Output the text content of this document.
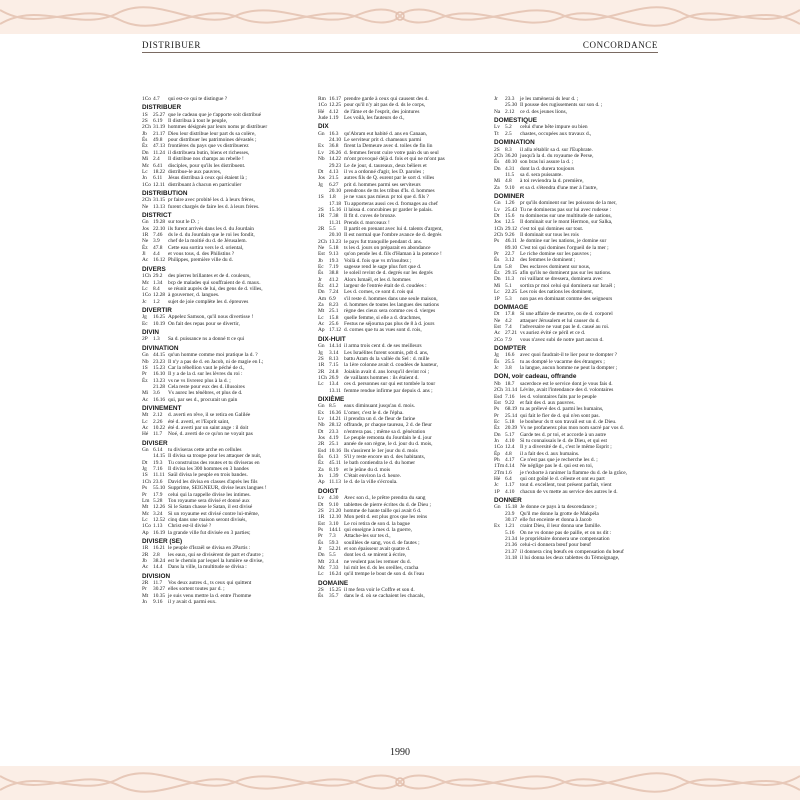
DISTRIBUER	CONCORDANCE
1Co 4.7	qui est-ce qui te distingue ?
DISTRIBUER
1S 25.27 que le cadeau que je t'apporte soit distribué
2S 6.19	Il distribua à tout le peuple,
2Ch 31.19 hommes désignés par leurs noms pr distribuer
Jb	21.17 Dieu leur distribue leur part ds sa colère,
És	49.8	pour distribuer les patrimoines dévastés ;
Éz 47.13 frontières du pays que vs distribuerez
Dn 11.24 il distribuera butin, biens et richesses,
Mi 2.4	Il distribue nos champs au rebelle !
Mc 6.41	disciples, pour qu'ils les distribuent.
Lc 18.22 distribue-le aux pauvres,
Jn	6.11	Jésus distribua à ceux qui étaient là ;
1Co 12.11 distribuant à chacun en particulier
DISTRIBUTION
2Ch 31.15 pr faire avec probité les d. à leurs frères,
Ne 13.13 furent chargés de faire les d. à leurs frères.
DISTRICT
Gn 19.28 sur tout le D. ;
Jos 22.10 ils furent arrivés dans les d. du Jourdain
1R 7.46	ds le d. du Jourdain que le roi les fondit,
Ne 3.9	chef de la moitié du d. de Jérusalem.
Éz 47.8	Cette eau sortira vers le d. oriental,
Jl	4.4	et vous tous, d. des Philistins ?
Ac 16.12 Philippes, première ville du d.
DIVERS
1Ch 29.2	des pierres brillantes et de d. couleurs,
Mc 1.34	bcp de malades qui souffraient de d. maux.
Lc 8.4	se réunit auprès de lui, des gens de d. villes,
1Co 12.28 à gouverner, d. langues.
Jc	1.2	sujet de joie complète les d. épreuves
DIVERTIR
Jg	16.25 Appelez Samson, qu'il nous divertisse !
Ec 10.19 On fait des repas pour se divertir,
DIVIN
2P 1.3	Sa d. puissance ns a donné tt ce qui
DIVINATION
Gn 44.15 qu'un homme comme moi pratique la d. ?
Nb 23.23 Il n'y a pas de d. en Jacob, ni de magie en I.;
1S 15.23 Car la rébellion vaut le péché de d.,
Pr	16.10 Il y a de la d. sur les lèvres du roi :
Éz 13.23 vs ne vs livrerez plus à la d. ;
21.28 Cela reste pour eux des d. illusoires
Mi 3.6	Vs aurez les ténèbres, et plus de d.
Ac 16.16 qui, par ses d., procurait un gain
DIVINEMENT
Mt 2.12	d. averti en rêve, il se retira en Galilée
Lc 2.26	été d. averti, et l'Esprit saint,
Ac 10.22 été d. averti par un saint ange : il doit
Hé 11.7	Noé, d. averti de ce qu'on ne voyait pas
DIVISER
Gn 6.14	tu diviseras cette arche en cellules
14.15 Il divisa sa troupe pour les attaquer de nuit,
Dt	19.3	Tu construiras des routes et tu diviseras en
Jg	7.16	Il divisa les 300 hommes en 3 bandes
1S 11.11 Saül divisa le peuple en trois bandes.
1Ch 23.6	David les divisa en classes d'après les fils
Ps	55.10 Supprime, SEIGNEUR, divise leurs langues !
Pr	17.9	celui qui la rappelle divise les intimes.
Lm 5.28	Ton royaume sera divisé et donné aux
Mt 12.26 Si le Satan chasse le Satan, il est divisé
Mc 3.24	Si un royaume est divisé contre lui-même,
Lc 12.52 cinq dans une maison seront divisés,
1Co 1.13	Christ est-il divisé ?
Ap 16.19 la grande ville fut divisée en 3 parties;
DIVISER (SE)
1R 16.21 le peuple d'Israël se divisa en 2Partis :
2R 2.8	les eaux, qui se divisèrent de part et d'autre ;
Jb	38.24 est le chemin par lequel la lumière se divise,
Ac 14.4	Dans la ville, la multitude se divisa :
DIVISION
2R 11.7	Vos deux autres d., ts ceux qui quittent
Pr	30.27 elles sortent toutes par d. ;
Mt 10.35 je suis venu mettre la d. entre l'homme
Jn	9.16	il y avait d. parmi eux.
Rm 16.17 prendre garde à ceux qui causent des d.
1Co 12.25 pour qu'il n'y ait pas de d. ds le corps,
Hé 4.12	de l'âme et de l'esprit, des jointures
Jude 1.19	Les voilà, les fauteurs de d.,
DIX
Gn 16.3	qu'Abram eut habité d. ans en Canaan,
24.10 Le serviteur prit d. chameaux parmi
Ex 36.8	firent la Demeure avec d. toiles de fin lin
Lv 26.26 d. femmes feront cuire votre pain ds un seul
Nb 14.22 m'ont provoqué déjà d. fois et qui ne m'ont pas
29.23 Le 4e jour, d. taureaux, deux béliers et
Dt	4.13	il vs a ordonné d'agir, les D. paroles ;
Jos 21.5	autres fils de Q. eurent par le sort d. villes
Jg	6.27	prit d. hommes parmi ses serviteurs
20.10 prendrons de tts les tribus d'Is. d. hommes
1S 1.8	je ne vaux pas mieux pr toi que d. fils ?
17.18 Tu apporteras aussi ces d. fromages au chef
2S 15.16 il laissa d. concubines pr garder le palais.
1R 7.38	Il fit d. cuves de bronze.
11.31 Prends d. morceaux !
2R 5.5	Il partit en prenant avec lui d. talents d'argent,
20.10 Il est normal que l'ombre avance de d. degrés
2Ch 13.23 le pays fut tranquille pendant d. ans.
Ne 5.18	ts les d. jours on préparait en abondance
Est 9.13	qu'on pende les d. fils d'Haman à la potence !
Jb	19.3	Voilà d. fois que vs m'insultez ;
Ec 7.19	sagesse rend le sage plus fort que d.
És	38.8	le soleil revint de d. degrés sur les degrés
Jr	41.2	Alors Ismaël, et les d. hommes
Éz 41.2	largeur de l'entrée était de d. coudées :
Dn 7.24	Les d. cornes, ce sont d. rois qui
Am 6.9	s'il reste d. hommes dans une seule maison,
Za 8.23	d. hommes de toutes les langues des nations
Mt 25.1	règne des cieux sera comme ces d. vierges
Lc 15.8	quelle femme, si elle a d. drachmes,
Ac 25.6	Festus ne séjourna pas plus de 8 à d. jours
Ap 17.12 d. cornes que tu as vues sont d. rois,
DIX-HUIT
Gn 14.14 il arma trois cent d. de ses meilleurs
Jg	3.14	Les Israélites furent soumis, pdt d. ans,
2S 8.13	battu Aram ds la vallée du Sel : d. mille
1R 7.15	la 1ère colonne avait d. coudées de hauteur,
2R 24.8	Joiakin avait d. ans lorsqu'il devint roi ;
1Ch 26.9	de vaillants hommes : ils étaient d.
Lc 13.4	ces d. personnes sur qui est tombée la tour
13.11 femme rendue infirme par depuis d. ans ;
DIXIÈME
Gn 8.5	eaux diminuant jusqu'au d. mois.
Ex 16.36 L'omer, c'est le d. de l'épha.
Lv 14.21 il prendra un d. de fleur de farine
Nb 28.12 offrande, pr chaque taureau, 2 d. de fleur
Dt	23.3	n'entrera pas. ; même sa d. génération
Jos 4.19	Le peuple remonta du Jourdain le d. jour
2R 25.1	année de son règne, le d. jour du d. mois,
Esd 10.16 Ils s'assirent le 1er jour du d. mois
És	6.13	S'il y reste encore un d. des habitants,
Éz 45.11 le bath contiendra le d. du homer
Za 8.19	et le jeûne du d. mois
Jn	1.39	C'était environ la d. heure.
Ap 11.13 le d. de la ville s'écroula.
DOIGT
Lv 4.30	Avec son d., le prêtre prendra du sang
Dt	9.10	tablettes de pierre écrites du d. de Dieu ;
2S 21.20 homme de haute taille qui avait 6 d.
1R 12.10 Mon petit d. est plus gros que les reins
Est 3.10	Le roi retira de son d. la bague
Ps	144.1 qui enseigne à mes d. la guerre,
Pr	7.3	Attache-les sur tes d.,
És	59.3	souillées de sang, vos d. de fautes ;
Jr	52.21 et son épaisseur avait quatre d.
Dn 5.5	dont les d. se mirent à écrire,
Mt 23.4	ne veulent pas les remuer du d.
Mc 7.33	lui mit les d. ds les oreilles, cracha
Lc 16.24 qu'il trempe le bout de son d. ds l'eau
DOMAINE
2S 15.25 il me fera voir le Coffre et son d.
És	35.7	dans le d. où se cachaient les chacals,
Jr	23.3	je les ramènerai ds leur d. ;
25.30 Il pousse des rugissements sur son d. ;
Na 2.12	ce d. des jeunes lions,
DOMESTIQUE
Lv 5.2	celui d'une bête impure ou bien
Tt	2.5	chastes, occupées aux travaux d.,
DOMINATION
2S 8.3	il alla rétablir sa d. sur l'Euphrate.
2Ch 36.20 jusqu'à la d. du royaume de Perse,
És	40.10 son bras lui assure la d. ;
Dn 4.31	dont la d. durera toujours
11.5	sa d. sera puissante.
Mi 4.8	à toi reviendra la d. première,
Za 9.10	et sa d. s'étendra d'une mer à l'autre,
DOMINER
Gn 1.26	pr qu'ils dominent sur les poissons de la mer,
Lv 25.43 Tu ne domineras pas sur lui avec rudesse :
Dt	15.6	tu domineras sur une multitude de nations,
Jos 12.5	Il dominait sur le mont Hermon, sur Salka,
1Ch 29.12 c'est toi qui domines sur tout.
2Ch 9.26	Il dominait sur tous les rois
Ps	46.11 Je domine sur les nations, je domine sur
89.10 C'est toi qui domines l'orgueil de la mer ;
Pr	22.7	Le riche domine sur les pauvres ;
És	3.12	des femmes le dominent ;
Lm 5.8	Des esclaves dominent sur nous,
Éz 29.15 afin qu'ils ne dominent pas sur les nations.
Dn 11.3	roi vaillant se dressera, dominera avec
Mi 5.1	sortira pr moi celui qui dominera sur Israël ;
Lc 22.25 Les rois des nations les dominent,
1P 5.3	non pas en dominant comme des seigneurs
DOMMAGE
Dt	17.8	Si une affaire de meurtre, ou de d. corporel
Ne 4.2	attaquer Jérusalem et lui causer du d.
Est 7.4	l'adversaire ne vaut pas le d. causé au roi.
Ac 27.21 vs auriez évité ce péril et ce d.
2Co 7.9	vous n'avez subi de notre part aucun d.
DOMPTER
Jg	16.6	avec quoi faudrait-il te lier pour te dompter ?
És	25.5	tu as dompté le vacarme des étrangers ;
Jc	3.8	la langue, aucun homme ne peut la dompter ;
DON, voir cadeau, offrande
Nb 18.7	sacerdoce est le service dont je vous fais d.
2Ch 31.14 Lévite, avait l'intendance des d. volontaires
Esd 7.16	les d. volontaires faits par le peuple
Est 9.22	et fait des d. aux pauvres.
Ps	68.19 tu as prélevé des d. parmi les humains,
Pr	25.14 qui fait le fier de d. qui n'en sont pas.
Ec 5.18	le bonheur ds tt son travail est un d. de Dieu.
Éz 20.39 Vs ne profanerez plus mon nom sacré par vos d.
Dn 5.17	Garde tes d. pr toi, et accorde à un autre
Jn	4.10	Si tu connaissais le d. de Dieu, et qui est
1Co 12.4	Il y a diversité de d., c'est le même Esprit ;
Ép 4.8	il a fait des d. aux humains.
Ph 4.17	Ce n'est pas que je recherche les d. ;
1Tm 4.14	Ne néglige pas le d. qui est en toi,
2Tm 1.6	je t'exhorte à ranimer la flamme du d. de la grâce,
Hé 6.4	qui ont goûté le d. céleste et ont eu part
Jc	1.17	tout d. excellent, tout présent parfait, vient
1P 4.10	chacun de vs mette au service des autres le d.
DONNER
Gn 15.18 Je donne ce pays à ta descendance ;
23.9	Qu'il me donne la grotte de Makpéla
30.17 elle fut enceinte et donna à Jacob
Ex 1.21	craint Dieu, il leur donna une famille.
5.16	On ne vs donne pas de paille, et on ns dit :
21.34 le propriétaire donnera une compensation
21.36 celui-ci donnera bœuf pour bœuf
21.37 il donnera cinq bœufs en compensation du bœuf
31.18 il lui donna les deux tablettes du Témoignage,
1990
